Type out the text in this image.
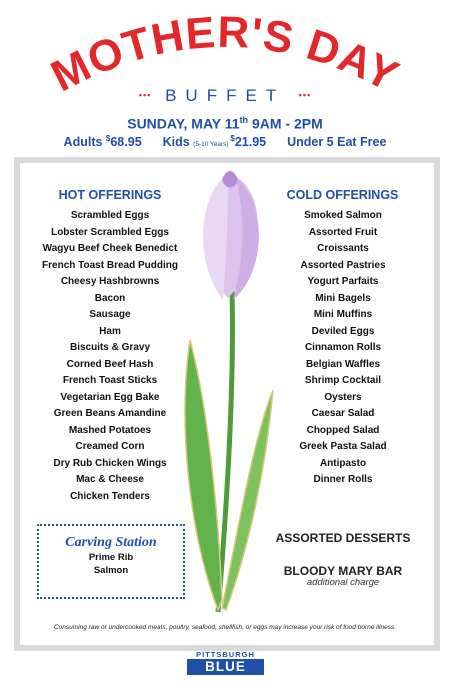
MOTHER'S DAY
▪▪▪ BUFFET ▪▪▪
SUNDAY, MAY 11th 9AM - 2PM
Adults $68.95 Kids (5-10 Years) $21.95 Under 5 Eat Free
HOT OFFERINGS
Scrambled Eggs
Lobster Scrambled Eggs
Wagyu Beef Cheek Benedict
French Toast Bread Pudding
Cheesy Hashbrowns
Bacon
Sausage
Ham
Biscuits & Gravy
Corned Beef Hash
French Toast Sticks
Vegetarian Egg Bake
Green Beans Amandine
Mashed Potatoes
Creamed Corn
Dry Rub Chicken Wings
Mac & Cheese
Chicken Tenders
COLD OFFERINGS
Smoked Salmon
Assorted Fruit
Croissants
Assorted Pastries
Yogurt Parfaits
Mini Bagels
Mini Muffins
Deviled Eggs
Cinnamon Rolls
Belgian Waffles
Shrimp Cocktail
Oysters
Caesar Salad
Chopped Salad
Greek Pasta Salad
Antipasto
Dinner Rolls
Carving Station
Prime Rib
Salmon
ASSORTED DESSERTS
BLOODY MARY BAR
additional charge
Consuming raw or undercooked meats, poultry, seafood, shellfish, or eggs may increase your risk of food borne illness.
PITTSBURGH
BLUE
